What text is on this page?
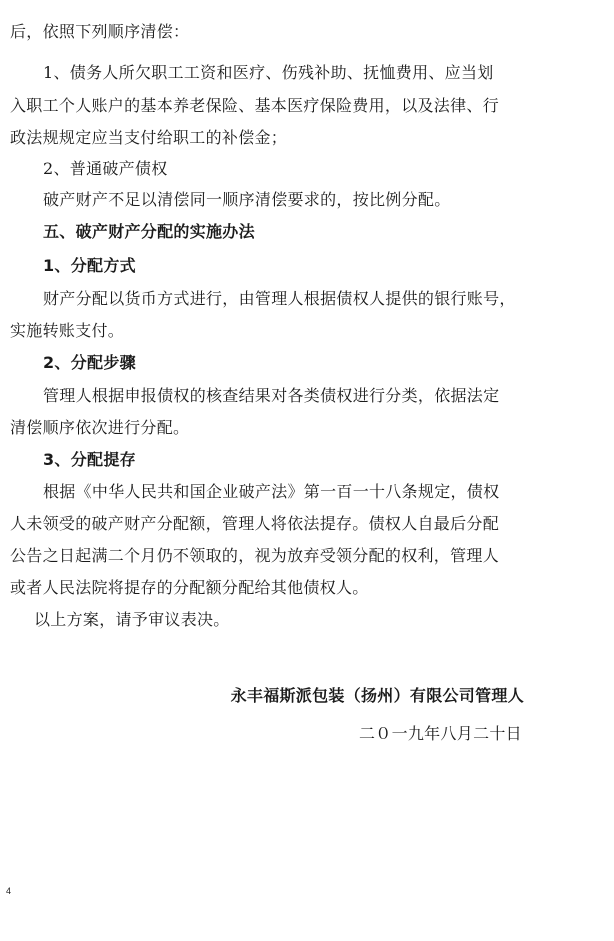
后，依照下列顺序清偿：
1、债务人所欠职工工资和医疗、伤残补助、抚恤费用、应当划
入职工个人账户的基本养老保险、基本医疗保险费用，以及法律、行
政法规规定应当支付给职工的补偿金；
2、普通破产债权
破产财产不足以清偿同一顺序清偿要求的，按比例分配。
五、破产财产分配的实施办法
1、分配方式
财产分配以货币方式进行，由管理人根据债权人提供的银行账号，
实施转账支付。
2、分配步骤
管理人根据申报债权的核查结果对各类债权进行分类，依据法定
清偿顺序依次进行分配。
3、分配提存
根据《中华人民共和国企业破产法》第一百一十八条规定，债权
人未领受的破产财产分配额，管理人将依法提存。债权人自最后分配
公告之日起满二个月仍不领取的，视为放弃受领分配的权利，管理人
或者人民法院将提存的分配额分配给其他债权人。
以上方案，请予审议表决。
永丰福斯派包装（扬州）有限公司管理人
二０一九年八月二十日
4
